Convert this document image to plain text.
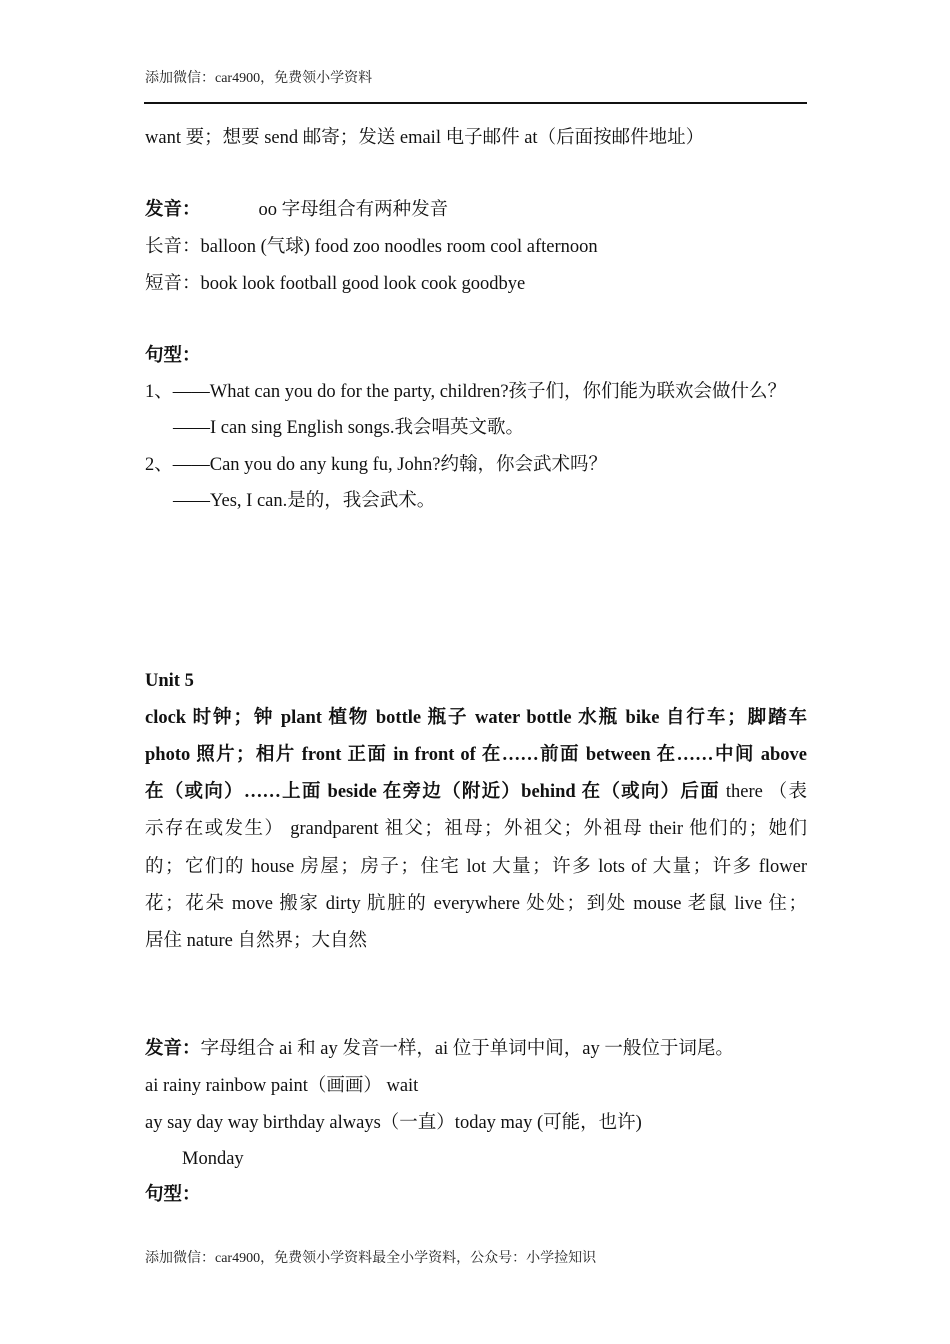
添加微信：car4900，免费领小学资料
want 要；想要 send 邮寄；发送 email 电子邮件 at（后面按邮件地址）
发音：	oo 字母组合有两种发音
长音：balloon (气球) food zoo noodles room cool afternoon
短音：book look football good look cook goodbye
句型：
1、——What can you do for the party, children?孩子们，你们能为联欢会做什么？
——I can sing English songs.我会唱英文歌。
2、——Can you do any kung fu, John?约翰，你会武术吗？
——Yes, I can.是的，我会武术。
Unit 5
clock 时钟；钟 plant 植物 bottle 瓶子 water bottle 水瓶 bike 自行车；脚踏车
photo 照片；相片 front 正面 in front of 在……前面 between 在……中间 above
在（或向）……上面 beside 在旁边（附近）behind 在（或向）后面 there （表
示存在或发生） grandparent 祖父；祖母；外祖父；外祖母 their 他们的；她们
的；它们的 house 房屋；房子；住宅 lot 大量；许多 lots of 大量；许多 flower
花；花朵 move 搬家 dirty 肮脏的 everywhere 处处；到处 mouse 老鼠 live 住；
居住 nature 自然界；大自然
发音：字母组合 ai 和 ay 发音一样，ai 位于单词中间，ay 一般位于词尾。
ai rainy rainbow paint（画画） wait
ay say day way birthday always（一直）today may (可能，也许)
Monday
句型：
添加微信：car4900，免费领小学资料最全小学资料，公众号：小学捡知识
